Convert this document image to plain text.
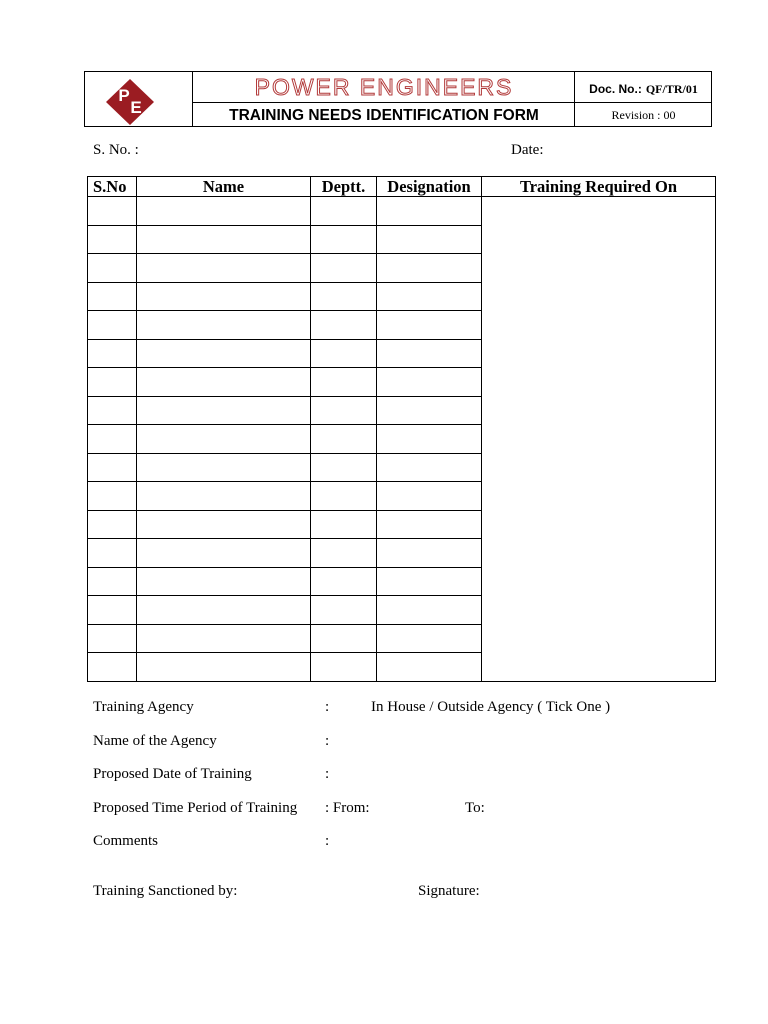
P
E
POWER ENGINEERS
TRAINING NEEDS IDENTIFICATION FORM
Doc. No.: QF/TR/01
Revision : 00
S. No. :	Date:
S.No	Name	Deptt.	Designation	Training Required On

Training Agency	:	In House / Outside Agency ( Tick One )
Name of the Agency	:
Proposed Date of Training	:
Proposed Time Period of Training : From:	To:
Comments	:
Training Sanctioned by:	Signature:
